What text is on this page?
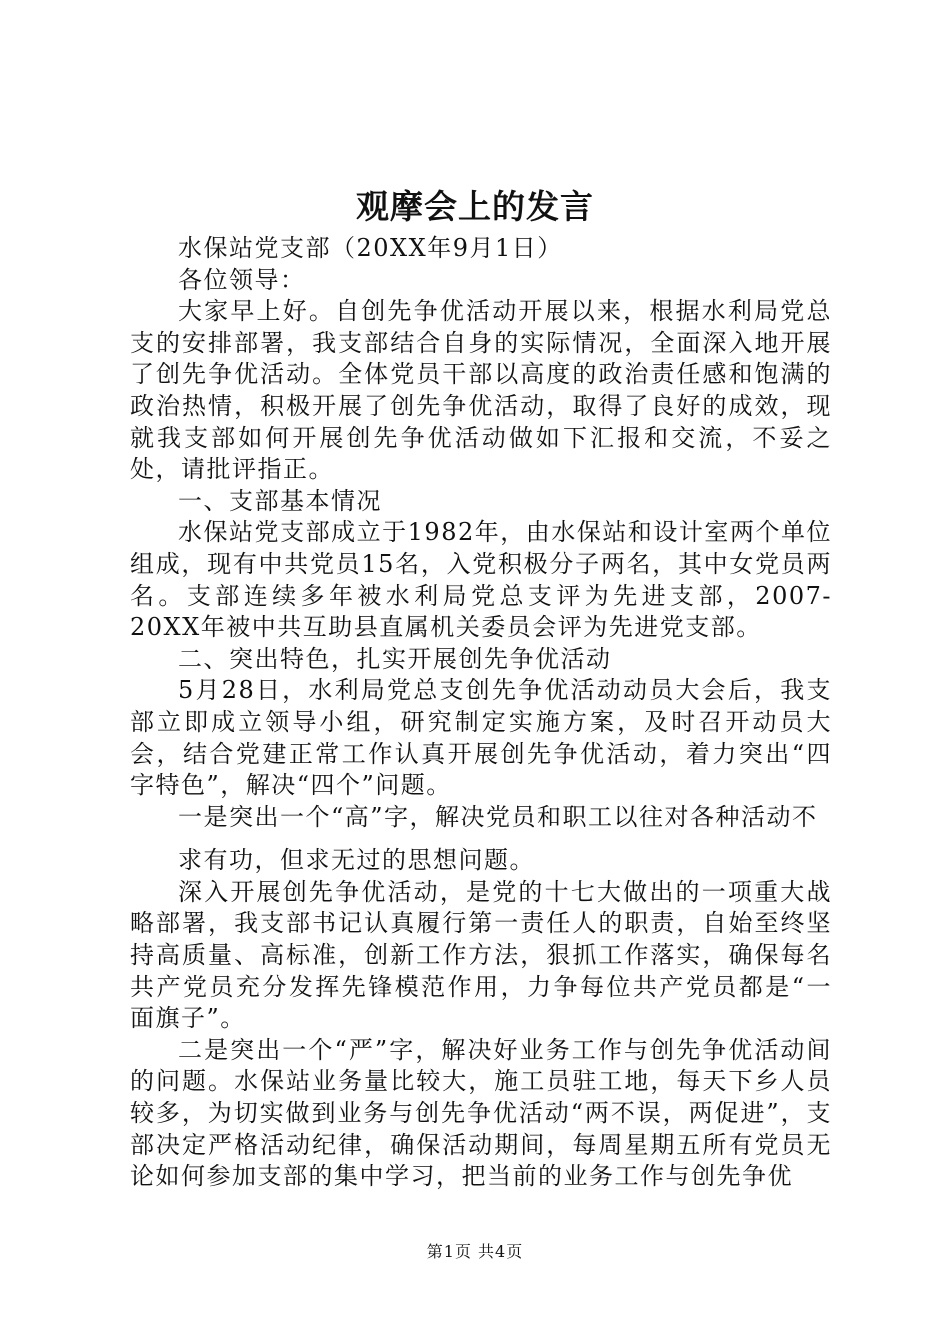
观摩会上的发言

水保站党支部（20XX年9月1日）

各位领导：

大家早上好。自创先争优活动开展以来，根据水利局党总支的安排部署，我支部结合自身的实际情况，全面深入地开展了创先争优活动。全体党员干部以高度的政治责任感和饱满的政治热情，积极开展了创先争优活动，取得了良好的成效，现就我支部如何开展创先争优活动做如下汇报和交流，不妥之处，请批评指正。

一、支部基本情况

水保站党支部成立于1982年，由水保站和设计室两个单位组成，现有中共党员15名，入党积极分子两名，其中女党员两名。支部连续多年被水利局党总支评为先进支部，2007-20XX年被中共互助县直属机关委员会评为先进党支部。

二、突出特色，扎实开展创先争优活动

5月28日，水利局党总支创先争优活动动员大会后，我支部立即成立领导小组，研究制定实施方案，及时召开动员大会，结合党建正常工作认真开展创先争优活动，着力突出“四字特色”，解决“四个”问题。

一是突出一个“高”字，解决党员和职工以往对各种活动不

求有功，但求无过的思想问题。

深入开展创先争优活动，是党的十七大做出的一项重大战略部署，我支部书记认真履行第一责任人的职责，自始至终坚持高质量、高标准，创新工作方法，狠抓工作落实，确保每名共产党员充分发挥先锋模范作用，力争每位共产党员都是“一面旗子”。

二是突出一个“严”字，解决好业务工作与创先争优活动间的问题。水保站业务量比较大，施工员驻工地，每天下乡人员较多，为切实做到业务与创先争优活动“两不误，两促进”，支部决定严格活动纪律，确保活动期间，每周星期五所有党员无论如何参加支部的集中学习，把当前的业务工作与创先争优

第1页 共4页
